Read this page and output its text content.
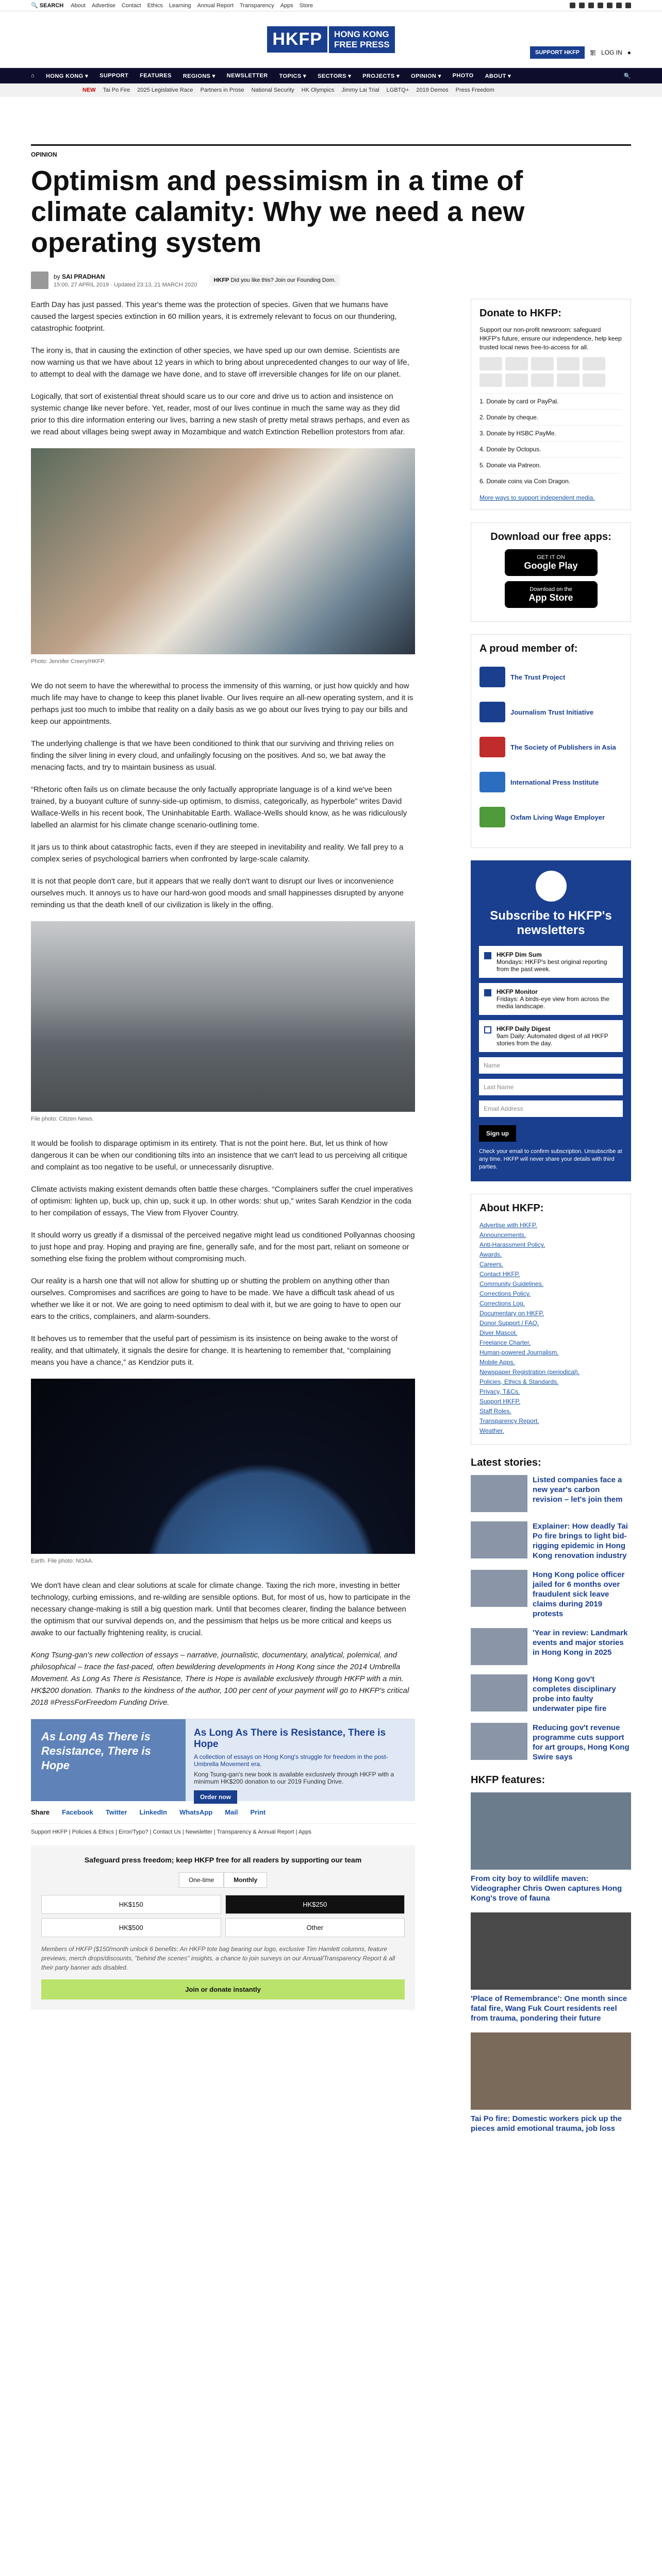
🔍 SEARCH About Advertise Contact Ethics Learning Annual Report Transparency Apps Store
HKFP	HONG KONG
FREE PRESS
SUPPORT HKFP	繁 LOG IN ●
⌂ HONG KONG ▾ SUPPORT FEATURES REGIONS ▾ NEWSLETTER TOPICS ▾ SECTORS ▾ PROJECTS ▾ OPINION ▾ PHOTO ABOUT ▾	🔍
NEW Tai Po Fire 2025 Legislative Race Partners in Prose National Security HK Olympics Jimmy Lai Trial LGBTQ+ 2019 Demos Press Freedom
OPINION
Optimism and pessimism in a time of climate calamity: Why we need a new operating system
by SAI PRADHAN
15:00, 27 APRIL 2019 · Updated 23:13, 21 MARCH 2020
HKFP Did you like this? Join our Founding Dom.

Earth Day has just passed. This year's theme was the protection of species. Given that we humans have caused the largest species extinction in 60 million years, it is extremely relevant to focus on our thundering, catastrophic footprint.

The irony is, that in causing the extinction of other species, we have sped up our own demise. Scientists are now warning us that we have about 12 years in which to bring about unprecedented changes to our way of life, to attempt to deal with the damage we have done, and to stave off irreversible changes for life on our planet.

Logically, that sort of existential threat should scare us to our core and drive us to action and insistence on systemic change like never before. Yet, reader, most of our lives continue in much the same way as they did prior to this dire information entering our lives, barring a new stash of pretty metal straws perhaps, and even as we read about villages being swept away in Mozambique and watch Extinction Rebellion protestors from afar.

Photo: Jennifer Creery/HKFP.

We do not seem to have the wherewithal to process the immensity of this warning, or just how quickly and how much life may have to change to keep this planet livable. Our lives require an all-new operating system, and it is perhaps just too much to imbibe that reality on a daily basis as we go about our lives trying to pay our bills and keep our appointments.

The underlying challenge is that we have been conditioned to think that our surviving and thriving relies on finding the silver lining in every cloud, and unfailingly focusing on the positives. And so, we bat away the menacing facts, and try to maintain business as usual.

“Rhetoric often fails us on climate because the only factually appropriate language is of a kind we've been trained, by a buoyant culture of sunny-side-up optimism, to dismiss, categorically, as hyperbole” writes David Wallace-Wells in his recent book, The Uninhabitable Earth. Wallace-Wells should know, as he was ridiculously labelled an alarmist for his climate change scenario-outlining tome.

It jars us to think about catastrophic facts, even if they are steeped in inevitability and reality. We fall prey to a complex series of psychological barriers when confronted by large-scale calamity.

It is not that people don't care, but it appears that we really don't want to disrupt our lives or inconvenience ourselves much. It annoys us to have our hard-won good moods and small happinesses disrupted by anyone reminding us that the death knell of our civilization is likely in the offing.

File photo: Citizen News.

It would be foolish to disparage optimism in its entirety. That is not the point here. But, let us think of how dangerous it can be when our conditioning tilts into an insistence that we can't lead to us perceiving all critique and complaint as too negative to be useful, or unnecessarily disruptive.

Climate activists making existent demands often battle these charges. “Complainers suffer the cruel imperatives of optimism: lighten up, buck up, chin up, suck it up. In other words: shut up,” writes Sarah Kendzior in the coda to her compilation of essays, The View from Flyover Country.

It should worry us greatly if a dismissal of the perceived negative might lead us conditioned Pollyannas choosing to just hope and pray. Hoping and praying are fine, generally safe, and for the most part, reliant on someone or something else fixing the problem without compromising much.

Our reality is a harsh one that will not allow for shutting up or shutting the problem on anything other than ourselves. Compromises and sacrifices are going to have to be made. We have a difficult task ahead of us whether we like it or not. We are going to need optimism to deal with it, but we are going to have to open our ears to the critics, complainers, and alarm-sounders.

It behoves us to remember that the useful part of pessimism is its insistence on being awake to the worst of reality, and that ultimately, it signals the desire for change. It is heartening to remember that, “complaining means you have a chance,” as Kendzior puts it.

Earth. File photo: NOAA.

We don't have clean and clear solutions at scale for climate change. Taxing the rich more, investing in better technology, curbing emissions, and re-wilding are sensible options. But, for most of us, how to participate in the necessary change-making is still a big question mark. Until that becomes clearer, finding the balance between the optimism that our survival depends on, and the pessimism that helps us be more critical and keeps us awake to our factually frightening reality, is crucial.

Kong Tsung-gan's new collection of essays – narrative, journalistic, documentary, analytical, polemical, and philosophical – trace the fast-paced, often bewildering developments in Hong Kong since the 2014 Umbrella Movement. As Long As There is Resistance, There is Hope is available exclusively through HKFP with a min. HK$200 donation. Thanks to the kindness of the author, 100 per cent of your payment will go to HKFP's critical 2018 #PressForFreedom Funding Drive.

As Long As There is Resistance, There is Hope
As Long As There is Resistance, There is Hope
A collection of essays on Hong Kong's struggle for freedom in the post-Umbrella Movement era.
Kong Tsung-gan's new book is available exclusively through HKFP with a minimum HK$200 donation to our 2019 Funding Drive.
Order now
Share Facebook Twitter LinkedIn WhatsApp Mail Print
Support HKFP | Policies & Ethics | Error/Typo? | Contact Us | Newsletter | Transparency & Annual Report | Apps
Safeguard press freedom; keep HKFP free for all readers by supporting our team
One-time	Monthly
HK$150	HK$250
HK$500	Other
Members of HKFP ($150/month unlock 6 benefits: An HKFP tote bag bearing our logo, exclusive Tim Hamlett columns, feature previews, merch drops/discounts, "behind the scenes" insights, a chance to join surveys on our Annual/Transparency Report & all their party banner ads disabled.
Join or donate instantly
Donate to HKFP:

Support our non-profit newsroom: safeguard HKFP's future, ensure our independence, help keep trusted local news free-to-access for all.

1. Donate by card or PayPal.
2. Donate by cheque.
3. Donate by HSBC PayMe.
4. Donate by Octopus.
5. Donate via Patreon.
6. Donate coins via Coin Dragon.
More ways to support independent media.
Download our free apps:
GET IT ON
Google Play
Download on the
App Store
A proud member of:
The Trust Project
Journalism Trust Initiative
The Society of Publishers in Asia
International Press Institute
Oxfam Living Wage Employer
Subscribe to HKFP's newsletters
HKFP Dim Sum
Mondays: HKFP's best original reporting from the past week.
HKFP Monitor
Fridays: A birds-eye view from across the media landscape.
HKFP Daily Digest
9am Daily: Automated digest of all HKFP stories from the day.
Name
Last Name
Email Address
Sign up
Check your email to confirm subscription. Unsubscribe at any time. HKFP will never share your details with third parties.
About HKFP:
Advertise with HKFP.
Announcements.
Anti-Harassment Policy.
Awards.
Careers.
Contact HKFP.
Community Guidelines.
Corrections Policy.
Corrections Log.
Documentary on HKFP.
Donor Support / FAQ.
Diver Mascot.
Freelance Charter.
Human-powered Journalism.
Mobile Apps.
Newspaper Registration (periodical).
Policies, Ethics & Standards.
Privacy, T&Cs.
Support HKFP.
Staff Roles.
Transparency Report.
Weather.
Latest stories:
Listed companies face a new year's carbon revision – let's join them
Explainer: How deadly Tai Po fire brings to light bid-rigging epidemic in Hong Kong renovation industry
Hong Kong police officer jailed for 6 months over fraudulent sick leave claims during 2019 protests
'Year in review: Landmark events and major stories in Hong Kong in 2025
Hong Kong gov't completes disciplinary probe into faulty underwater pipe fire
Reducing gov't revenue programme cuts support for art groups, Hong Kong Swire says
HKFP features:
From city boy to wildlife maven: Videographer Chris Owen captures Hong Kong's trove of fauna
'Place of Remembrance': One month since fatal fire, Wang Fuk Court residents reel from trauma, pondering their future
Tai Po fire: Domestic workers pick up the pieces amid emotional trauma, job loss
